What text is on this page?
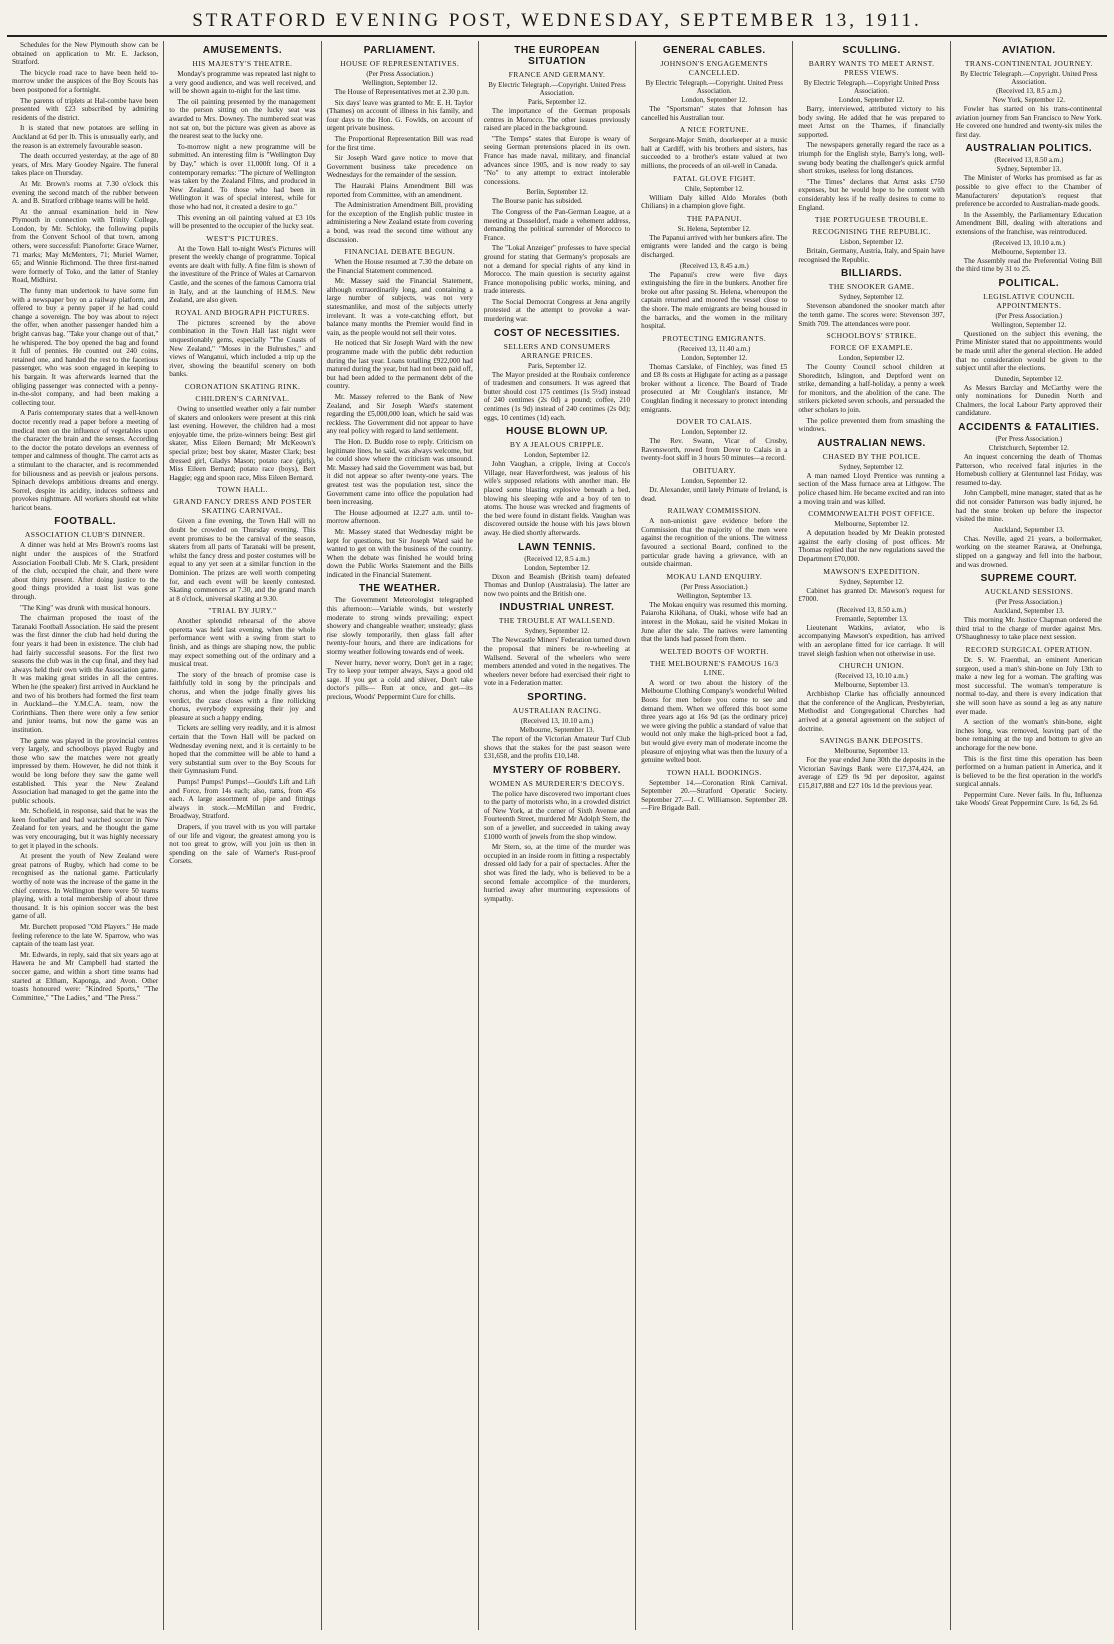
STRATFORD EVENING POST, WEDNESDAY, SEPTEMBER 13, 1911.

Schedules for the New Plymouth show can be obtained on application to Mr. E. Jackson, Stratford.

The bicycle road race to have been held to-morrow under the auspices of the Boy Scouts has been postponed for a fortnight.

The parents of triplets at Hal-combe have been presented with £23 subscribed by admiring residents of the district.

It is stated that new potatoes are selling in Auckland at 6d per lb. This is unusually early, and the reason is an extremely favourable season.

The death occurred yesterday, at the age of 80 years, of Mrs. Mary Goodey Ngaire. The funeral takes place on Thursday.

At Mr. Brown's rooms at 7.30 o'clock this evening the second match of the rubber between A. and B. Stratford cribbage teams will be held.

At the annual examination held in New Plymouth in connection with Trinity College, London, by Mr. Schloky, the following pupils from the Convent School of that town, among others, were successful: Pianoforte: Grace Warner, 71 marks; May McMenters, 71; Muriel Warner, 65; and Winnie Richmond. The three first-named were formerly of Toko, and the latter of Stanley Road, Midhirst.

The funny man undertook to have some fun with a newspaper boy on a railway platform, and offered to buy a penny paper if he had could change a sovereign. The boy was about to reject the offer, when another passenger handed him a bright canvas bag. "Take your change out of that," he whispered. The boy opened the bag and found it full of pennies. He counted out 240 coins, retained one, and handed the rest to the facetious passenger, who was soon engaged in keeping to his bargain. It was afterwards learned that the obliging passenger was connected with a penny-in-the-slot company, and had been making a collecting tour.

A Paris contemporary states that a well-known doctor recently read a paper before a meeting of medical men on the influence of vegetables upon the character the brain and the senses. According to the doctor the potato develops an evenness of temper and calmness of thought. The carrot acts as a stimulant to the character, and is recommended for biliousness and as peevish or jealous persons. Spinach develops ambitious dreams and energy. Sorrel, despite its acidity, induces softness and provokes nightmare. All workers should eat white haricot beans.

FOOTBALL.
ASSOCIATION CLUB'S DINNER.

A dinner was held at Mrs Brown's rooms last night under the auspices of the Stratford Association Football Club. Mr S. Clark, president of the club, occupied the chair, and there were about thirty present. After doing justice to the good things provided a toast list was gone through.

"The King" was drunk with musical honours.

The chairman proposed the toast of the Taranaki Football Association. He said the present was the first dinner the club had held during the four years it had been in existence. The club had had fairly successful seasons. For the first two seasons the club was in the cup final, and they had always held their own with the Association game. It was making great strides in all the centres. When he (the speaker) first arrived in Auckland he and two of his brothers had formed the first team in Auckland—the Y.M.C.A. team, now the Corinthians. Then there were only a few senior and junior teams, but now the game was an institution.

The game was played in the provincial centres very largely, and schoolboys played Rugby and those who saw the matches were not greatly impressed by them. However, he did not think it would be long before they saw the game well established. This year the New Zealand Association had managed to get the game into the public schools.

Mr. Schofield, in response, said that he was the keen footballer and had watched soccer in New Zealand for ten years, and he thought the game was very encouraging, but it was highly necessary to get it played in the schools.

At present the youth of New Zealand were great patrons of Rugby, which had come to be recognised as the national game. Particularly worthy of note was the increase of the game in the chief centres. In Wellington there were 50 teams playing, with a total membership of about three thousand. It is his opinion soccer was the best game of all.

Mr. Burchett proposed "Old Players." He made feeling reference to the late W. Sparrow, who was captain of the team last year.

Mr. Edwards, in reply, said that six years ago at Hawera he and Mr Campbell had started the soccer game, and within a short time teams had started at Eltham, Kaponga, and Avon. Other toasts honoured were: "Kindred Sports," "The Committee," "The Ladies," and "The Press."

AMUSEMENTS.
HIS MAJESTY'S THEATRE.

Monday's programme was repeated last night to a very good audience, and was well received, and will be shown again to-night for the last time.

The oil painting presented by the management to the person sitting on the lucky seat was awarded to Mrs. Downey. The numbered seat was not sat on, but the picture was given as above as the nearest seat to the lucky one.

To-morrow night a new programme will be submitted. An interesting film is "Wellington Day by Day," which is over 11,000ft long. Of it a contemporary remarks: "The picture of Wellington was taken by the Zealand Films, and produced in New Zealand. To those who had been in Wellington it was of special interest, while for those who had not, it created a desire to go."

This evening an oil painting valued at £3 10s will be presented to the occupier of the lucky seat.

WEST'S PICTURES.

At the Town Hall to-night West's Pictures will present the weekly change of programme. Topical events are dealt with fully. A fine film is shown of the investiture of the Prince of Wales at Carnarvon Castle, and the scenes of the famous Camorra trial in Italy, and at the launching of H.M.S. New Zealand, are also given.

ROYAL AND BIOGRAPH PICTURES.

The pictures screened by the above combination in the Town Hall last night were unquestionably gems, especially "The Coasts of New Zealand," "Moses in the Bulrushes," and views of Wanganui, which included a trip up the river, showing the beautiful scenery on both banks.

CORONATION SKATING RINK.
CHILDREN'S CARNIVAL.

Owing to unsettled weather only a fair number of skaters and onlookers were present at this rink last evening. However, the children had a most enjoyable time, the prize-winners being: Best girl skater, Miss Eileen Bernard; Mr McKeown's special prize; best boy skater, Master Clark; best dressed girl, Gladys Mason; potato race (girls), Miss Eileen Bernard; potato race (boys), Bert Haggie; egg and spoon race, Miss Eileen Bernard.

TOWN HALL.
GRAND FANCY DRESS AND POSTER SKATING CARNIVAL.

Given a fine evening, the Town Hall will no doubt be crowded on Thursday evening. This event promises to be the carnival of the season, skaters from all parts of Taranaki will be present, whilst the fancy dress and poster costumes will be equal to any yet seen at a similar function in the Dominion. The prizes are well worth competing for, and each event will be keenly contested. Skating commences at 7.30, and the grand march at 8 o'clock, universal skating at 9.30.

"TRIAL BY JURY."

Another splendid rehearsal of the above operetta was held last evening, when the whole performance went with a swing from start to finish, and as things are shaping now, the public may expect something out of the ordinary and a musical treat.

The story of the breach of promise case is faithfully told in song by the principals and chorus, and when the judge finally gives his verdict, the case closes with a fine rollicking chorus, everybody expressing their joy and pleasure at such a happy ending.

Tickets are selling very readily, and it is almost certain that the Town Hall will be packed on Wednesday evening next, and it is certainly to be hoped that the committee will be able to hand a very substantial sum over to the Boy Scouts for their Gymnasium Fund.

Pumps! Pumps! Pumps!—Gould's Lift and Lift and Force, from 14s each; also, rams, from 45s each. A large assortment of pipe and fittings always in stock.—McMillan and Fredric, Broadway, Stratford.

Drapers, if you travel with us you will partake of our life and vigour, the greatest among you is not too great to grow, will you join us then in spending on the sale of Warner's Rust-proof Corsets.

PARLIAMENT.
HOUSE OF REPRESENTATIVES.
(Per Press Association.)
Wellington, September 12.

The House of Representatives met at 2.30 p.m.

Six days' leave was granted to Mr. E. H. Taylor (Thames) on account of illness in his family, and four days to the Hon. G. Fowlds, on account of urgent private business.

The Proportional Representation Bill was read for the first time.

Sir Joseph Ward gave notice to move that Government business take precedence on Wednesdays for the remainder of the session.

The Hauraki Plains Amendment Bill was reported from Committee, with an amendment.

The Administration Amendment Bill, providing for the exception of the English public trustee in administering a New Zealand estate from covering a bond, was read the second time without any discussion.

FINANCIAL DEBATE BEGUN.

When the House resumed at 7.30 the debate on the Financial Statement commenced.

Mr. Massey said the Financial Statement, although extraordinarily long, and containing a large number of subjects, was not very statesmanlike, and most of the subjects utterly irrelevant. It was a vote-catching effort, but balance many months the Premier would find in vain, as the people would not sell their votes.

He noticed that Sir Joseph Ward with the new programme made with the public debt reduction during the last year. Loans totalling £922,000 had matured during the year, but had not been paid off, but had been added to the permanent debt of the country.

Mr. Massey referred to the Bank of New Zealand, and Sir Joseph Ward's statement regarding the £5,000,000 loan, which he said was reckless. The Government did not appear to have any real policy with regard to land settlement.

The Hon. D. Buddo rose to reply. Criticism on legitimate lines, he said, was always welcome, but he could show where the criticism was unsound. Mr. Massey had said the Government was bad, but it did not appear so after twenty-one years. The greatest test was the population test, since the Government came into office the population had been increasing.

The House adjourned at 12.27 a.m. until to-morrow afternoon.

Mr. Massey stated that Wednesday might be kept for questions, but Sir Joseph Ward said he wanted to get on with the business of the country. When the debate was finished he would bring down the Public Works Statement and the Bills indicated in the Financial Statement.

THE WEATHER.

The Government Meteorologist telegraphed this afternoon:—Variable winds, but westerly moderate to strong winds prevailing; expect showery and changeable weather; unsteady; glass rise slowly temporarily, then glass fall after twenty-four hours, and there are indications for stormy weather following towards end of week.

Never hurry, never worry, Don't get in a rage; Try to keep your temper always, Says a good old sage. If you get a cold and shiver, Don't take doctor's pills— Run at once, and get—its precious, Woods' Peppermint Cure for chills.

THE EUROPEAN SITUATION
FRANCE AND GERMANY.
By Electric Telegraph.—Copyright. United Press Association.
Paris, September 12.

The importance of the German proposals centres in Morocco. The other issues previously raised are placed in the background.

"The Temps" states that Europe is weary of seeing German pretensions placed in its own. France has made naval, military, and financial advances since 1905, and is now ready to say "No" to any attempt to extract intolerable concessions.

Berlin, September 12.

The Bourse panic has subsided.

The Congress of the Pan-German League, at a meeting at Dusseldorf, made a vehement address, demanding the political surrender of Morocco to France.

The "Lokal Anzeiger" professes to have special ground for stating that Germany's proposals are not a demand for special rights of any kind in Morocco. The main question is security against France monopolising public works, mining, and trade interests.

The Social Democrat Congress at Jena angrily protested at the attempt to provoke a war-murdering war.

COST OF NECESSITIES.
SELLERS AND CONSUMERS ARRANGE PRICES.
Paris, September 12.

The Mayor presided at the Roubaix conference of tradesmen and consumers. It was agreed that butter should cost 175 centimes (1s 5½d) instead of 240 centimes (2s 0d) a pound; coffee, 210 centimes (1s 9d) instead of 240 centimes (2s 0d); eggs, 10 centimes (1d) each.

HOUSE BLOWN UP.
BY A JEALOUS CRIPPLE.
London, September 12.

John Vaughan, a cripple, living at Cocco's Village, near Haverfordwest, was jealous of his wife's supposed relations with another man. He placed some blasting explosive beneath a bed, blowing his sleeping wife and a boy of ten to atoms. The house was wrecked and fragments of the bed were found in distant fields. Vaughan was discovered outside the house with his jaws blown away. He died shortly afterwards.

LAWN TENNIS.
(Received 12, 8.5 a.m.)
London, September 12.

Dixon and Beamish (British team) defeated Thomas and Dunlop (Australasia). The latter are now two points and the British one.

INDUSTRIAL UNREST.
THE TROUBLE AT WALLSEND.
Sydney, September 12.

The Newcastle Miners' Federation turned down the proposal that miners be re-wheeling at Wallsend. Several of the wheelers who were members attended and voted in the negatives. The wheelers never before had exercised their right to vote in a Federation matter.

SPORTING.
AUSTRALIAN RACING.
(Received 13, 10.10 a.m.)
Melbourne, September 13.

The report of the Victorian Amateur Turf Club shows that the stakes for the past season were £31,658, and the profits £10,148.

MYSTERY OF ROBBERY.
WOMEN AS MURDERER'S DECOYS.

The police have discovered two important clues to the party of motorists who, in a crowded district of New York, at the corner of Sixth Avenue and Fourteenth Street, murdered Mr Adolph Stern, the son of a jeweller, and succeeded in taking away £1000 worth of jewels from the shop window.

Mr Stern, so, at the time of the murder was occupied in an inside room in fitting a respectably dressed old lady for a pair of spectacles. After the shot was fired the lady, who is believed to be a second female accomplice of the murderers, hurried away after murmuring expressions of sympathy.

GENERAL CABLES.
JOHNSON'S ENGAGEMENTS CANCELLED.
By Electric Telegraph.—Copyright. United Press Association.
London, September 12.

The "Sportsman" states that Johnson has cancelled his Australian tour.

A NICE FORTUNE.

Sergeant-Major Smith, doorkeeper at a music hall at Cardiff, with his brothers and sisters, has succeeded to a brother's estate valued at two millions, the proceeds of an oil-well in Canada.

FATAL GLOVE FIGHT.
Chile, September 12.

William Daly killed Aldo Morales (both Chilians) in a champion glove fight.

THE PAPANUI.
St. Helena, September 12.

The Papanui arrived with her bunkers afire. The emigrants were landed and the cargo is being discharged.

(Received 13, 8.45 a.m.)

The Papanui's crew were five days extinguishing the fire in the bunkers. Another fire broke out after passing St. Helena, whereupon the captain returned and moored the vessel close to the shore. The male emigrants are being housed in the barracks, and the women in the military hospital.

PROTECTING EMIGRANTS.
(Received 13, 11.40 a.m.)
London, September 12.

Thomas Carslake, of Finchley, was fined £5 and £8 8s costs at Highgate for acting as a passage broker without a licence. The Board of Trade prosecuted at Mr Coughlan's instance, Mr Coughlan finding it necessary to protect intending emigrants.

DOVER TO CALAIS.
London, September 12.

The Rev. Swann, Vicar of Crosby, Ravensworth, rowed from Dover to Calais in a twenty-foot skiff in 3 hours 50 minutes—a record.

OBITUARY.
London, September 12.

Dr. Alexander, until lately Primate of Ireland, is dead.

RAILWAY COMMISSION.

A non-unionist gave evidence before the Commission that the majority of the men were against the recognition of the unions. The witness favoured a sectional Board, confined to the particular grade having a grievance, with an outside chairman.

MOKAU LAND ENQUIRY.
(Per Press Association.)
Wellington, September 13.

The Mokau enquiry was resumed this morning. Paiaroha Kikihana, of Otaki, whose wife had an interest in the Mokau, said he visited Mokau in June after the sale. The natives were lamenting that the lands had passed from them.

WELTED BOOTS OF WORTH.
THE MELBOURNE'S FAMOUS 16/3 LINE.

A word or two about the history of the Melbourne Clothing Company's wonderful Welted Boots for men before you come to see and demand them. When we offered this boot some three years ago at 16s 9d (as the ordinary price) we were giving the public a standard of value that would not only make the high-priced boot a fad, but would give every man of moderate income the pleasure of enjoying what was then the luxury of a genuine welted boot.

TOWN HALL BOOKINGS.

September 14.—Coronation Rink Carnival. September 20.—Stratford Operatic Society. September 27.—J. C. Williamson. September 28.—Fire Brigade Ball.

SCULLING.
BARRY WANTS TO MEET ARNST. PRESS VIEWS.
By Electric Telegraph.—Copyright United Press Association.
London, September 12.

Barry, interviewed, attributed victory to his body swing. He added that he was prepared to meet Arnst on the Thames, if financially supported.

The newspapers generally regard the race as a triumph for the English style, Barry's long, well-swung body beating the challenger's quick armful short strokes, useless for long distances.

"The Times" declares that Arnst asks £750 expenses, but he would hope to be content with considerably less if he really desires to come to England.

THE PORTUGUESE TROUBLE.
RECOGNISING THE REPUBLIC.
Lisbon, September 12.

Britain, Germany, Austria, Italy, and Spain have recognised the Republic.

BILLIARDS.
THE SNOOKER GAME.
Sydney, September 12.

Stevenson abandoned the snooker match after the tenth game. The scores were: Stevenson 397, Smith 709. The attendances were poor.

SCHOOLBOYS' STRIKE.
FORCE OF EXAMPLE.
London, September 12.

The County Council school children at Shoreditch, Islington, and Deptford went on strike, demanding a half-holiday, a penny a week for monitors, and the abolition of the cane. The strikers picketed seven schools, and persuaded the other scholars to join.

The police prevented them from smashing the windows.

AUSTRALIAN NEWS.
CHASED BY THE POLICE.
Sydney, September 12.

A man named Lloyd Prentice was running a section of the Mass furnace area at Lithgow. The police chased him. He became excited and ran into a moving train and was killed.

COMMONWEALTH POST OFFICE.
Melbourne, September 12.

A deputation headed by Mr Deakin protested against the early closing of post offices. Mr Thomas replied that the new regulations saved the Department £70,000.

MAWSON'S EXPEDITION.
Sydney, September 12.

Cabinet has granted Dr. Mawson's request for £7000.

(Received 13, 8.50 a.m.)
Fremantle, September 13.

Lieutenant Watkins, aviator, who is accompanying Mawson's expedition, has arrived with an aeroplane fitted for ice carriage. It will travel sleigh fashion when not otherwise in use.

CHURCH UNION.
(Received 13, 10.10 a.m.)
Melbourne, September 13.

Archbishop Clarke has officially announced that the conference of the Anglican, Presbyterian, Methodist and Congregational Churches had arrived at a general agreement on the subject of doctrine.

SAVINGS BANK DEPOSITS.
Melbourne, September 13.

For the year ended June 30th the deposits in the Victorian Savings Bank were £17,374,424, an average of £29 0s 9d per depositor, against £15,817,888 and £27 10s 1d the previous year.

AVIATION.
TRANS-CONTINENTAL JOURNEY.
By Electric Telegraph.—Copyright. United Press Association.
(Received 13, 8.5 a.m.)
New York, September 12.

Fowler has started on his trans-continental aviation journey from San Francisco to New York. He covered one hundred and twenty-six miles the first day.

AUSTRALIAN POLITICS.
(Received 13, 8.50 a.m.)
Sydney, September 13.

The Minister of Works has promised as far as possible to give effect to the Chamber of Manufacturers' deputation's request that preference be accorded to Australian-made goods.

In the Assembly, the Parliamentary Education Amendment Bill, dealing with alterations and extensions of the franchise, was reintroduced.

(Received 13, 10.10 a.m.)
Melbourne, September 13.

The Assembly read the Preferential Voting Bill the third time by 31 to 25.

POLITICAL.
LEGISLATIVE COUNCIL APPOINTMENTS.
(Per Press Association.)
Wellington, September 12.

Questioned on the subject this evening, the Prime Minister stated that no appointments would be made until after the general election. He added that no consideration would be given to the subject until after the elections.

Dunedin, September 12.

As Messrs Barclay and McCarthy were the only nominations for Dunedin North and Chalmers, the local Labour Party approved their candidature.

ACCIDENTS & FATALITIES.
(Per Press Association.)
Christchurch, September 12.

An inquest concerning the death of Thomas Patterson, who received fatal injuries in the Homebush colliery at Glentunnel last Friday, was resumed to-day.

John Campbell, mine manager, stated that as he did not consider Patterson was badly injured, he had the stone broken up before the inspector visited the mine.

Auckland, September 13.

Chas. Neville, aged 21 years, a boilermaker, working on the steamer Rarawa, at Onehunga, slipped on a gangway and fell into the harbour, and was drowned.

SUPREME COURT.
AUCKLAND SESSIONS.
(Per Press Association.)
Auckland, September 13.

This morning Mr. Justice Chapman ordered the third trial to the charge of murder against Mrs. O'Shaughnessy to take place next session.

RECORD SURGICAL OPERATION.

Dr. S. W. Fraenthal, an eminent American surgeon, used a man's shin-bone on July 13th to make a new leg for a woman. The grafting was most successful. The woman's temperature is normal to-day, and there is every indication that she will soon have as sound a leg as any nature ever made.

A section of the woman's shin-bone, eight inches long, was removed, leaving part of the bone remaining at the top and bottom to give an anchorage for the new bone.

This is the first time this operation has been performed on a human patient in America, and it is believed to be the first operation in the world's surgical annals.

Peppermint Cure. Never fails. In flu, Influenza take Woods' Great Peppermint Cure. 1s 6d, 2s 6d.
